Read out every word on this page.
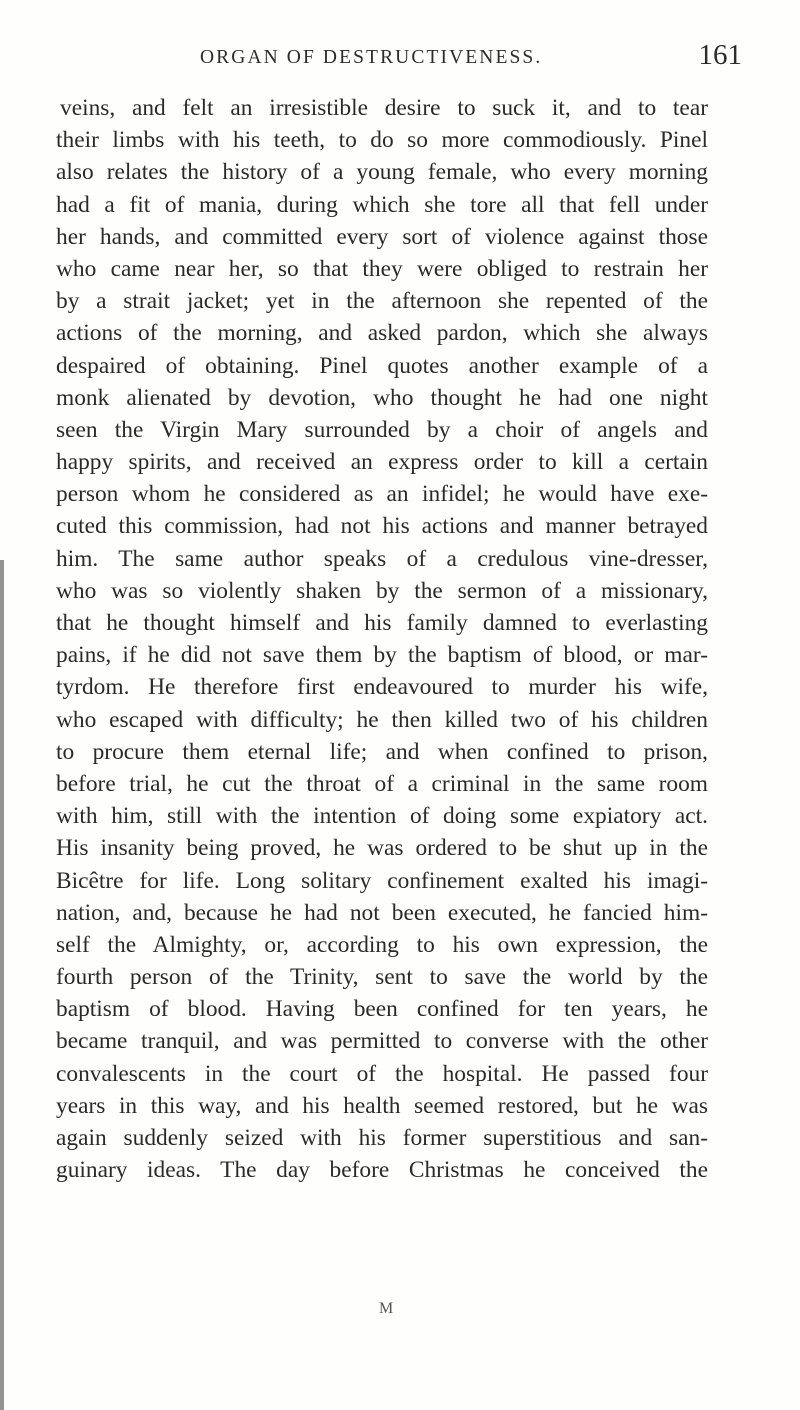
ORGAN OF DESTRUCTIVENESS.	161
veins, and felt an irresistible desire to suck it, and to tear
their limbs with his teeth, to do so more commodiously. Pinel
also relates the history of a young female, who every morning
had a fit of mania, during which she tore all that fell under
her hands, and committed every sort of violence against those
who came near her, so that they were obliged to restrain her
by a strait jacket; yet in the afternoon she repented of the
actions of the morning, and asked pardon, which she always
despaired of obtaining. Pinel quotes another example of a
monk alienated by devotion, who thought he had one night
seen the Virgin Mary surrounded by a choir of angels and
happy spirits, and received an express order to kill a certain
person whom he considered as an infidel; he would have exe-
cuted this commission, had not his actions and manner betrayed
him. The same author speaks of a credulous vine-dresser,
who was so violently shaken by the sermon of a missionary,
that he thought himself and his family damned to everlasting
pains, if he did not save them by the baptism of blood, or mar-
tyrdom. He therefore first endeavoured to murder his wife,
who escaped with difficulty; he then killed two of his children
to procure them eternal life; and when confined to prison,
before trial, he cut the throat of a criminal in the same room
with him, still with the intention of doing some expiatory act.
His insanity being proved, he was ordered to be shut up in the
Bicêtre for life. Long solitary confinement exalted his imagi-
nation, and, because he had not been executed, he fancied him-
self the Almighty, or, according to his own expression, the
fourth person of the Trinity, sent to save the world by the
baptism of blood. Having been confined for ten years, he
became tranquil, and was permitted to converse with the other
convalescents in the court of the hospital. He passed four
years in this way, and his health seemed restored, but he was
again suddenly seized with his former superstitious and san-
guinary ideas. The day before Christmas he conceived the
M
